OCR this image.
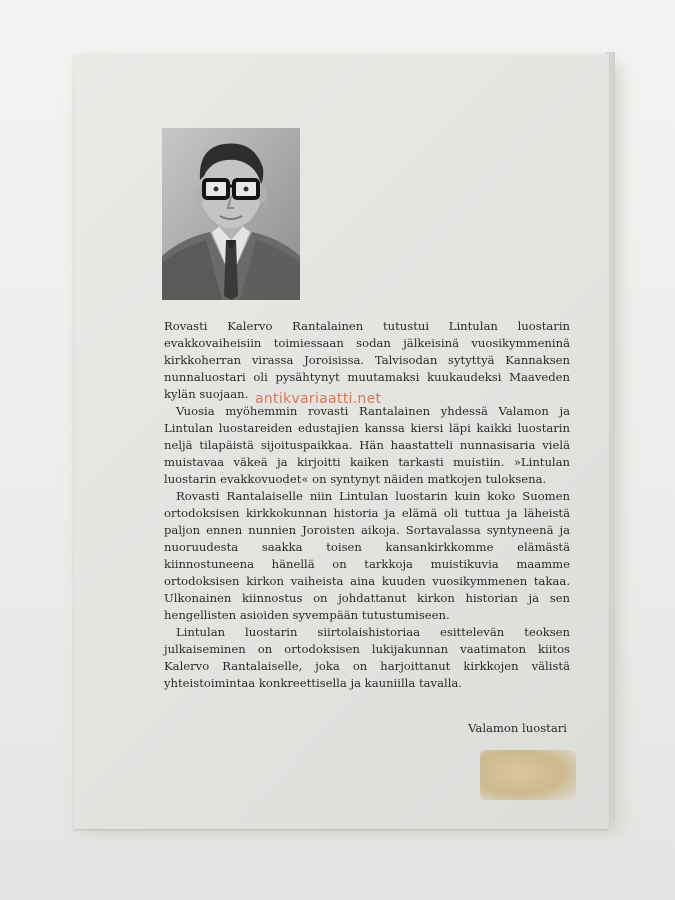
Rovasti Kalervo Rantalainen tutustui Lintulan luostarin evakkovaiheisiin toimiessaan sodan jälkeisinä vuosikymmeninä kirkkoherran virassa Joroisissa. Talvisodan sytyttyä Kannaksen nunnaluostari oli pysähtynyt muutamaksi kuukaudeksi Maaveden kylän suojaan.

Vuosia myöhemmin rovasti Rantalainen yhdessä Valamon ja Lintulan luostareiden edustajien kanssa kiersi läpi kaikki luostarin neljä tilapäistä sijoituspaikkaa. Hän haastatteli nunnasisaria vielä muistavaa väkeä ja kirjoitti kaiken tarkasti muistiin. »Lintulan luostarin evakkovuodet« on syntynyt näiden matkojen tuloksena.

Rovasti Rantalaiselle niin Lintulan luostarin kuin koko Suomen ortodoksisen kirkkokunnan historia ja elämä oli tuttua ja läheistä paljon ennen nunnien Joroisten aikoja. Sortavalassa syntyneenä ja nuoruudesta saakka toisen kansankirkkomme elämästä kiinnostuneena hänellä on tarkkoja muistikuvia maamme ortodoksisen kirkon vaiheista aina kuuden vuosikymmenen takaa. Ulkonainen kiinnostus on johdattanut kirkon historian ja sen hengellisten asioiden syvempään tutustumiseen.

Lintulan luostarin siirtolaishistoriaa esittelevän teoksen julkaiseminen on ortodoksisen lukijakunnan vaatimaton kiitos Kalervo Rantalaiselle, joka on harjoittanut kirkkojen välistä yhteistoimintaa konkreettisella ja kauniilla tavalla.

antikvariaatti.net
Valamon luostari
